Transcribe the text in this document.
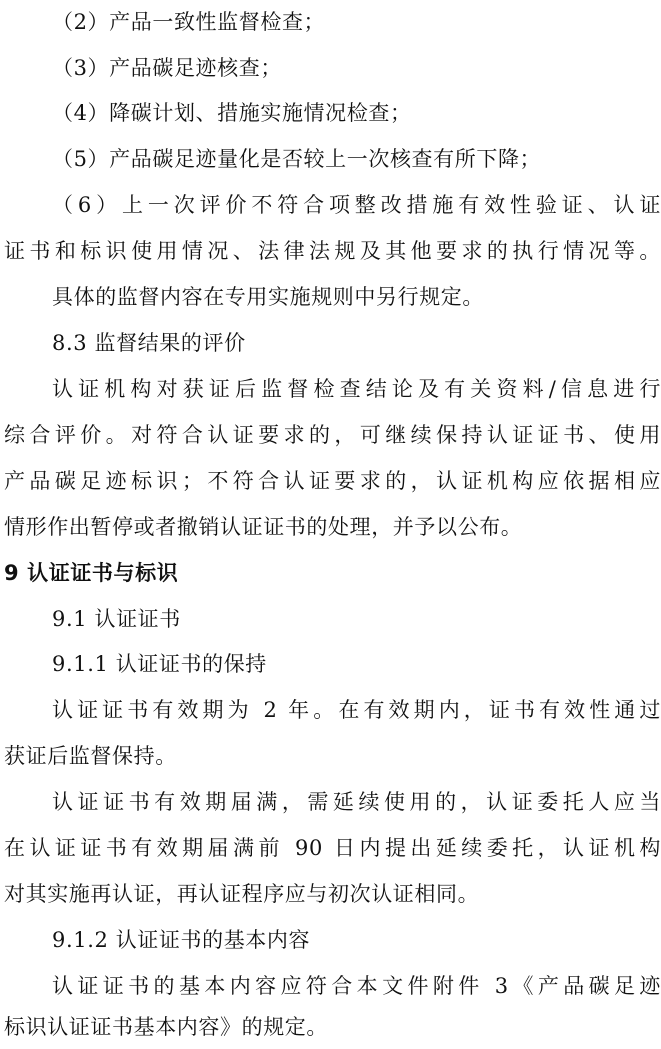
（2）产品一致性监督检查；
（3）产品碳足迹核查；
（4）降碳计划、措施实施情况检查；
（5）产品碳足迹量化是否较上一次核查有所下降；
（6）上一次评价不符合项整改措施有效性验证、认证
证书和标识使用情况、法律法规及其他要求的执行情况等。
具体的监督内容在专用实施规则中另行规定。
8.3 监督结果的评价
认证机构对获证后监督检查结论及有关资料/信息进行
综合评价。对符合认证要求的，可继续保持认证证书、使用
产品碳足迹标识；不符合认证要求的，认证机构应依据相应
情形作出暂停或者撤销认证证书的处理，并予以公布。
9 认证证书与标识
9.1 认证证书
9.1.1 认证证书的保持
认证证书有效期为 2 年。在有效期内，证书有效性通过
获证后监督保持。
认证证书有效期届满，需延续使用的，认证委托人应当
在认证证书有效期届满前 90 日内提出延续委托，认证机构
对其实施再认证，再认证程序应与初次认证相同。
9.1.2 认证证书的基本内容
认证证书的基本内容应符合本文件附件 3《产品碳足迹
标识认证证书基本内容》的规定。
